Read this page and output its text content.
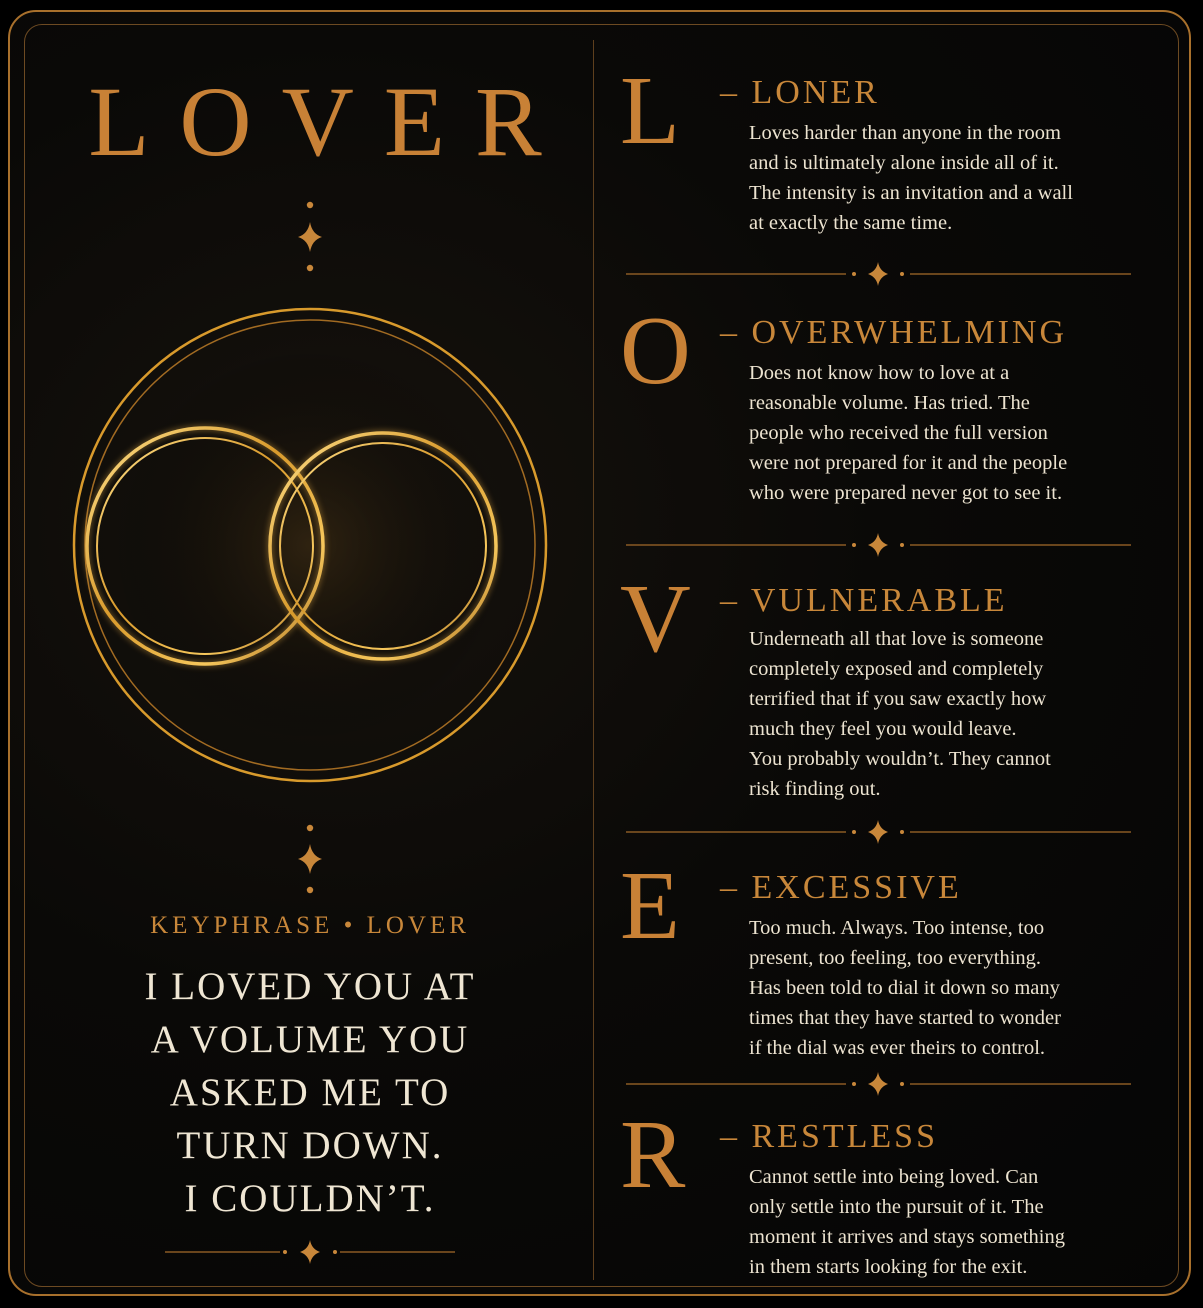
LOVER
KEYPHRASE • LOVER
I LOVED YOU AT
A VOLUME YOU
ASKED ME TO
TURN DOWN.
I COULDN’T.
L – LONER
Loves harder than anyone in the room
and is ultimately alone inside all of it.
The intensity is an invitation and a wall
at exactly the same time.
O – OVERWHELMING
Does not know how to love at a
reasonable volume. Has tried. The
people who received the full version
were not prepared for it and the people
who were prepared never got to see it.
V – VULNERABLE
Underneath all that love is someone
completely exposed and completely
terrified that if you saw exactly how
much they feel you would leave.
You probably wouldn’t. They cannot
risk finding out.
E – EXCESSIVE
Too much. Always. Too intense, too
present, too feeling, too everything.
Has been told to dial it down so many
times that they have started to wonder
if the dial was ever theirs to control.
R – RESTLESS
Cannot settle into being loved. Can
only settle into the pursuit of it. The
moment it arrives and stays something
in them starts looking for the exit.
